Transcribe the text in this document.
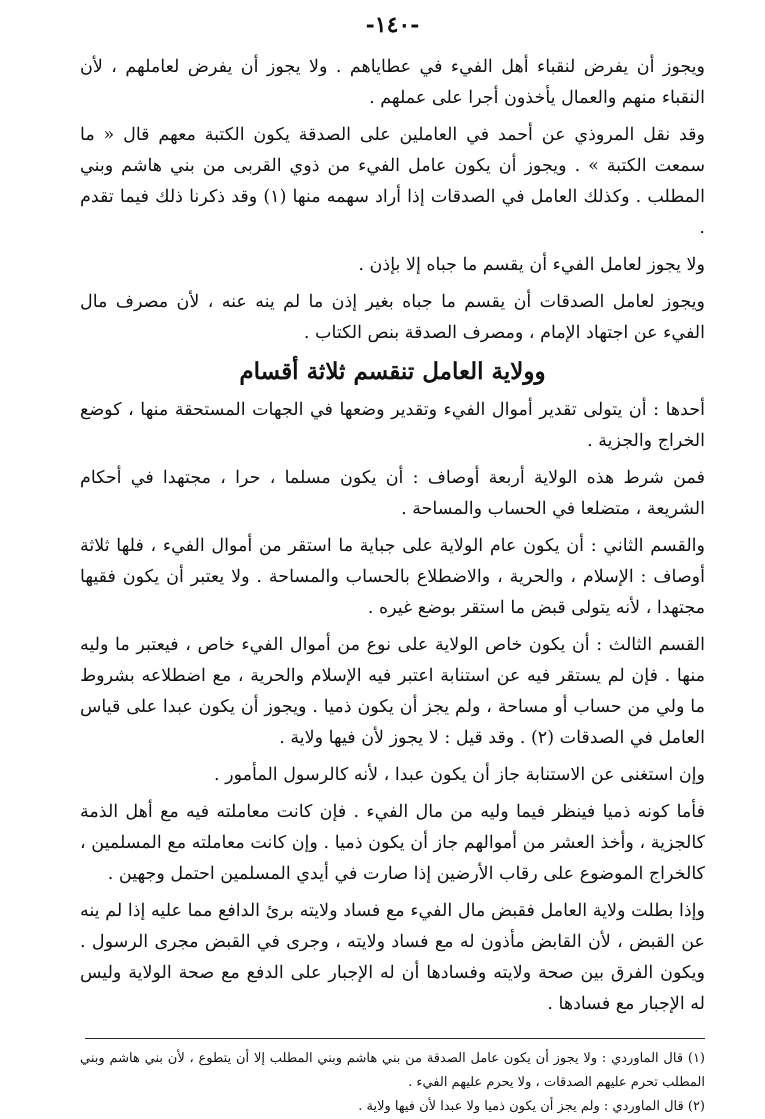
-١٤٠-

ويجوز أن يفرض لنقباء أهل الفيء في عطاياهم . ولا يجوز أن يفرض لعاملهم ، لأن النقباء منهم والعمال يأخذون أجرا على عملهم .

وقد نقل المروذي عن أحمد في العاملين على الصدقة يكون الكتبة معهم قال « ما سمعت الكتبة » . ويجوز أن يكون عامل الفيء من ذوي القربى من بني هاشم وبني المطلب . وكذلك العامل في الصدقات إذا أراد سهمه منها (١) وقد ذكرنا ذلك فيما تقدم .

ولا يجوز لعامل الفيء أن يقسم ما جباه إلا بإذن .

ويجوز لعامل الصدقات أن يقسم ما جباه بغير إذن ما لم ينه عنه ، لأن مصرف مال الفيء عن اجتهاد الإمام ، ومصرف الصدقة بنص الكتاب .

وولاية العامل تنقسم ثلاثة أقسام

أحدها : أن يتولى تقدير أموال الفيء وتقدير وضعها في الجهات المستحقة منها ، كوضع الخراج والجزية .

فمن شرط هذه الولاية أربعة أوصاف : أن يكون مسلما ، حرا ، مجتهدا في أحكام الشريعة ، متضلعا في الحساب والمساحة .

والقسم الثاني : أن يكون عام الولاية على جباية ما استقر من أموال الفيء ، فلها ثلاثة أوصاف : الإسلام ، والحرية ، والاضطلاع بالحساب والمساحة . ولا يعتبر أن يكون فقيها مجتهدا ، لأنه يتولى قبض ما استقر بوضع غيره .

القسم الثالث : أن يكون خاص الولاية على نوع من أموال الفيء خاص ، فيعتبر ما وليه منها . فإن لم يستقر فيه عن استنابة اعتبر فيه الإسلام والحرية ، مع اضطلاعه بشروط ما ولي من حساب أو مساحة ، ولم يجز أن يكون ذميا . ويجوز أن يكون عبدا على قياس العامل في الصدقات (٢) . وقد قيل : لا يجوز لأن فيها ولاية .

وإن استغنى عن الاستنابة جاز أن يكون عبدا ، لأنه كالرسول المأمور .

فأما كونه ذميا فينظر فيما وليه من مال الفيء . فإن كانت معاملته فيه مع أهل الذمة كالجزية ، وأخذ العشر من أموالهم جاز أن يكون ذميا . وإن كانت معاملته مع المسلمين ، كالخراج الموضوع على رقاب الأرضين إذا صارت في أيدي المسلمين احتمل وجهين .

وإذا بطلت ولاية العامل فقبض مال الفيء مع فساد ولايته برئ الدافع مما عليه إذا لم ينه عن القبض ، لأن القابض مأذون له مع فساد ولايته ، وجرى في القبض مجرى الرسول . ويكون الفرق بين صحة ولايته وفسادها أن له الإجبار على الدفع مع صحة الولاية وليس له الإجبار مع فسادها .

(١) قال الماوردي : ولا يجوز أن يكون عامل الصدقة من بني هاشم وبني المطلب إلا أن يتطوع ، لأن بني هاشم وبني المطلب تحرم عليهم الصدقات ، ولا يحرم عليهم الفيء .

(٢) قال الماوردي : ولم يجز أن يكون ذميا ولا عبدا لأن فيها ولاية .
